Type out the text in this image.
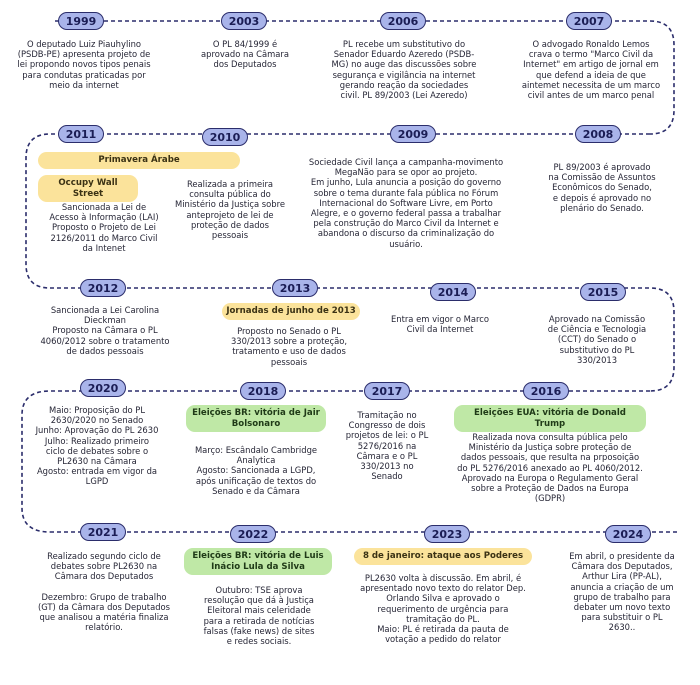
1999	2003	2006	2007
2011	2010	2009	2008
2012	2013	2014	2015
2020	2018	2017	2016
2021	2022	2023	2024
O deputado Luiz Piauhylino
(PSDB-PE) apresenta projeto de
lei propondo novos tipos penais
para condutas praticadas por
meio da internet
O PL 84/1999 é
aprovado na Câmara
dos Deputados
PL recebe um substitutivo do
Senador Eduardo Azeredo (PSDB-
MG) no auge das discussões sobre
segurança e vigilância na internet
gerando reação da sociedades
civil. PL 89/2003 (Lei Azeredo)
O advogado Ronaldo Lemos
crava o termo "Marco Civil da
Internet" em artigo de jornal em
que defend a ideia de que
aintemet necessita de um marco
civil antes de um marco penal
Primavera Árabe
Occupy Wall Street
Sancionada a Lei de
Acesso à Informação (LAI)
Proposto o Projeto de Lei
2126/2011 do Marco Civil
da Intenet
Realizada a primeira
consulta pública do
Ministério da Justiça sobre
anteprojeto de lei de
proteção de dados
pessoais
Sociedade Civil lança a campanha-movimento
MegaNão para se opor ao projeto.
Em junho, Lula anuncia a posição do governo
sobre o tema durante fala pública no Fórum
Internacional do Software Livre, em Porto
Alegre, e o governo federal passa a trabalhar
pela construção do Marco Civil da Internet e
abandona o discurso da criminalização do
usuário.
PL 89/2003 é aprovado
na Comissão de Assuntos
Econômicos do Senado,
e depois é aprovado no
plenário do Senado.
Sancionada a Lei Carolina
Dieckman
Proposto na Câmara o PL
4060/2012 sobre o tratamento
de dados pessoais
Jornadas de junho de 2013
Proposto no Senado o PL
330/2013 sobre a proteção,
tratamento e uso de dados
pessoais
Entra em vigor o Marco
Civil da Internet
Aprovado na Comissão
de Ciência e Tecnologia
(CCT) do Senado o
substitutivo do PL
330/2013
Maio: Proposição do PL
2630/2020 no Senado
Junho: Aprovação do PL 2630
Julho: Realizado primeiro
ciclo de debates sobre o
PL2630 na Câmara
Agosto: entrada em vigor da
LGPD
Eleições BR: vitória de Jair Bolsonaro
Março: Escândalo Cambridge
Analytica
Agosto: Sancionada a LGPD,
após unificação de textos do
Senado e da Câmara
Tramitação no
Congresso de dois
projetos de lei: o PL
5276/2016 na
Câmara e o PL
330/2013 no
Senado
Eleições EUA: vitória de Donald Trump
Realizada nova consulta pública pelo
Ministério da Justiça sobre proteção de
dados pessoais, que resulta na prposoição
do PL 5276/2016 anexado ao PL 4060/2012.
Aprovado na Europa o Regulamento Geral
sobre a Proteção de Dados na Europa
(GDPR)
Realizado segundo ciclo de
debates sobre PL2630 na
Câmara dos Deputados

Dezembro: Grupo de trabalho
(GT) da Câmara dos Deputados
que analisou a matéria finaliza
relatório.
Eleições BR: vitória de Luis Inácio Lula da Silva
Outubro: TSE aprova
resolução que dá à Justiça
Eleitoral mais celeridade
para a retirada de notícias
falsas (fake news) de sites
e redes sociais.
8 de janeiro: ataque aos Poderes
PL2630 volta à discussão. Em abril, é
apresentado novo texto do relator Dep.
Orlando Silva e aprovado o
requerimento de urgência para
tramitação do PL.
Maio: PL é retirada da pauta de
votação a pedido do relator
Em abril, o presidente da
Câmara dos Deputados,
Arthur Lira (PP-AL),
anuncia a criação de um
grupo de trabalho para
debater um novo texto
para substituir o PL
2630..
